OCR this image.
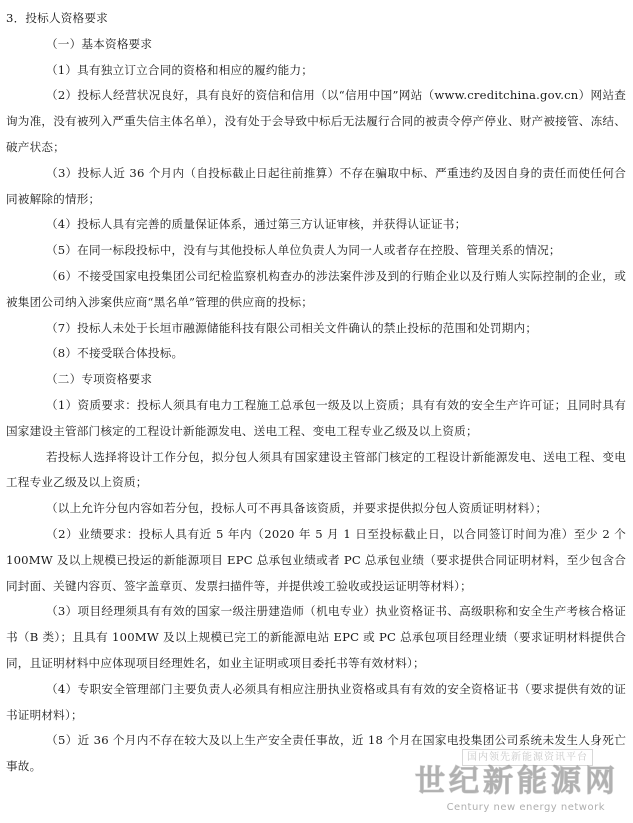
3．投标人资格要求

（一）基本资格要求

（1）具有独立订立合同的资格和相应的履约能力；

（2）投标人经营状况良好，具有良好的资信和信用（以“信用中国”网站（www.creditchina.gov.cn）网站查询为准，没有被列入严重失信主体名单），没有处于会导致中标后无法履行合同的被责令停产停业、财产被接管、冻结、破产状态；

（3）投标人近 36 个月内（自投标截止日起往前推算）不存在骗取中标、严重违约及因自身的责任而使任何合同被解除的情形；

（4）投标人具有完善的质量保证体系，通过第三方认证审核，并获得认证证书；

（5）在同一标段投标中，没有与其他投标人单位负责人为同一人或者存在控股、管理关系的情况；

（6）不接受国家电投集团公司纪检监察机构查办的涉法案件涉及到的行贿企业以及行贿人实际控制的企业，或被集团公司纳入涉案供应商“黑名单”管理的供应商的投标；

（7）投标人未处于长垣市融源储能科技有限公司相关文件确认的禁止投标的范围和处罚期内；

（8）不接受联合体投标。

（二）专项资格要求

（1）资质要求：投标人须具有电力工程施工总承包一级及以上资质；具有有效的安全生产许可证；且同时具有国家建设主管部门核定的工程设计新能源发电、送电工程、变电工程专业乙级及以上资质；

若投标人选择将设计工作分包，拟分包人须具有国家建设主管部门核定的工程设计新能源发电、送电工程、变电工程专业乙级及以上资质；

（以上允许分包内容如若分包，投标人可不再具备该资质，并要求提供拟分包人资质证明材料）；

（2）业绩要求：投标人具有近 5 年内（2020 年 5 月 1 日至投标截止日，以合同签订时间为准）至少 2 个 100MW 及以上规模已投运的新能源项目 EPC 总承包业绩或者 PC 总承包业绩（要求提供合同证明材料，至少包含合同封面、关键内容页、签字盖章页、发票扫描件等，并提供竣工验收或投运证明等材料）；

（3）项目经理须具有有效的国家一级注册建造师（机电专业）执业资格证书、高级职称和安全生产考核合格证书（B 类）；且具有 100MW 及以上规模已完工的新能源电站 EPC 或 PC 总承包项目经理业绩（要求证明材料提供合同，且证明材料中应体现项目经理姓名，如业主证明或项目委托书等有效材料）；

（4）专职安全管理部门主要负责人必须具有相应注册执业资格或具有有效的安全资格证书（要求提供有效的证书证明材料）；

（5）近 36 个月内不存在较大及以上生产安全责任事故，近 18 个月在国家电投集团公司系统未发生人身死亡事故。

国内领先新能源资讯平台
世纪新能源网
Century new energy network
